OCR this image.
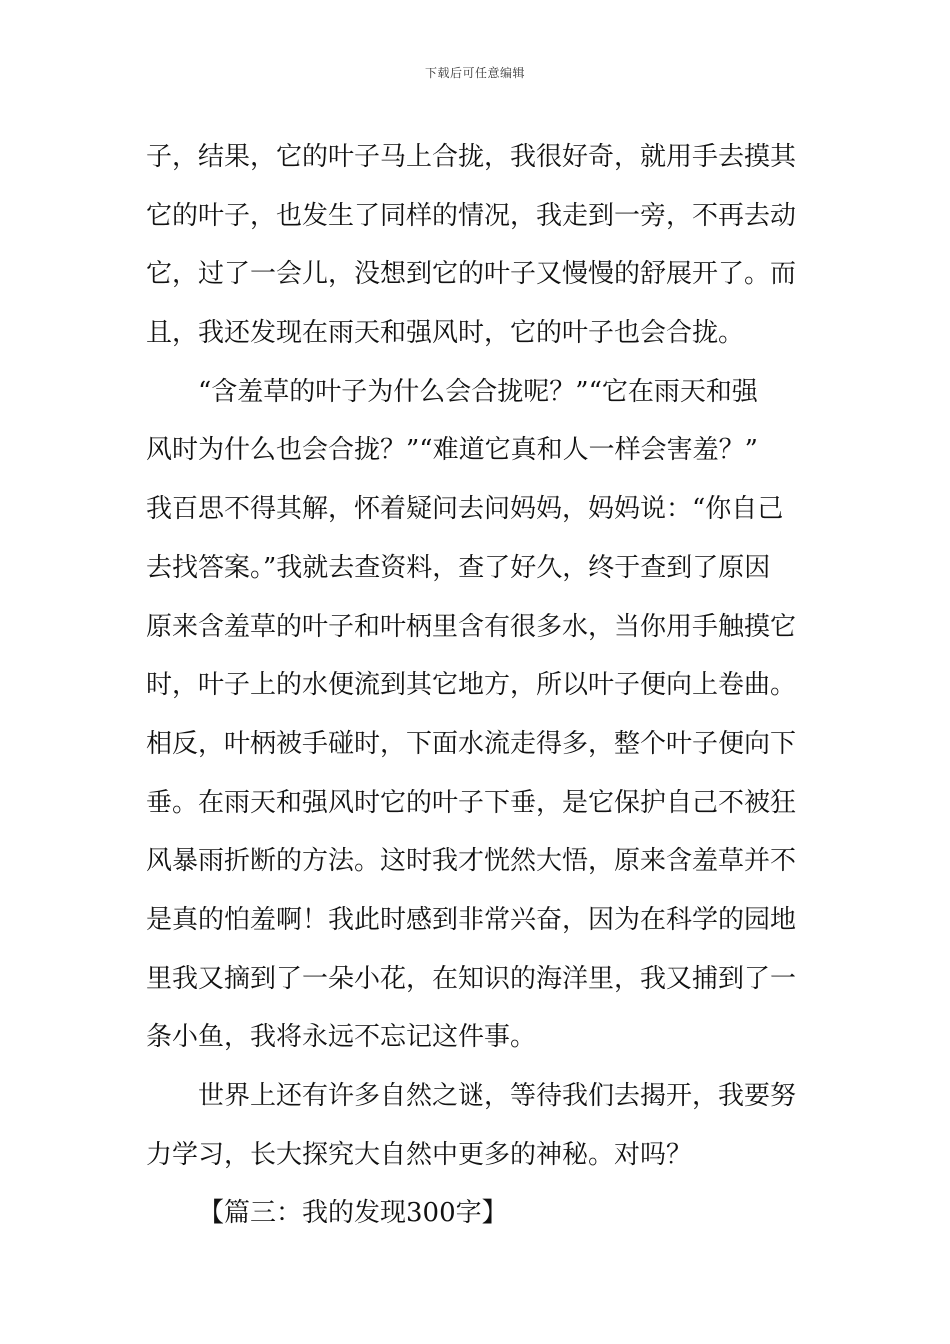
下载后可任意编辑
子，结果，它的叶子马上合拢，我很好奇，就用手去摸其
它的叶子，也发生了同样的情况，我走到一旁，不再去动
它，过了一会儿，没想到它的叶子又慢慢的舒展开了。而
且，我还发现在雨天和强风时，它的叶子也会合拢。
“含羞草的叶子为什么会合拢呢？”“它在雨天和强
风时为什么也会合拢？”“难道它真和人一样会害羞？”
我百思不得其解，怀着疑问去问妈妈，妈妈说：“你自己
去找答案。”我就去查资料，查了好久，终于查到了原因
原来含羞草的叶子和叶柄里含有很多水，当你用手触摸它
时，叶子上的水便流到其它地方，所以叶子便向上卷曲。
相反，叶柄被手碰时，下面水流走得多，整个叶子便向下
垂。在雨天和强风时它的叶子下垂，是它保护自己不被狂
风暴雨折断的方法。这时我才恍然大悟，原来含羞草并不
是真的怕羞啊！我此时感到非常兴奋，因为在科学的园地
里我又摘到了一朵小花，在知识的海洋里，我又捕到了一
条小鱼，我将永远不忘记这件事。
世界上还有许多自然之谜，等待我们去揭开，我要努
力学习，长大探究大自然中更多的神秘。对吗？
【篇三：我的发现300字】
